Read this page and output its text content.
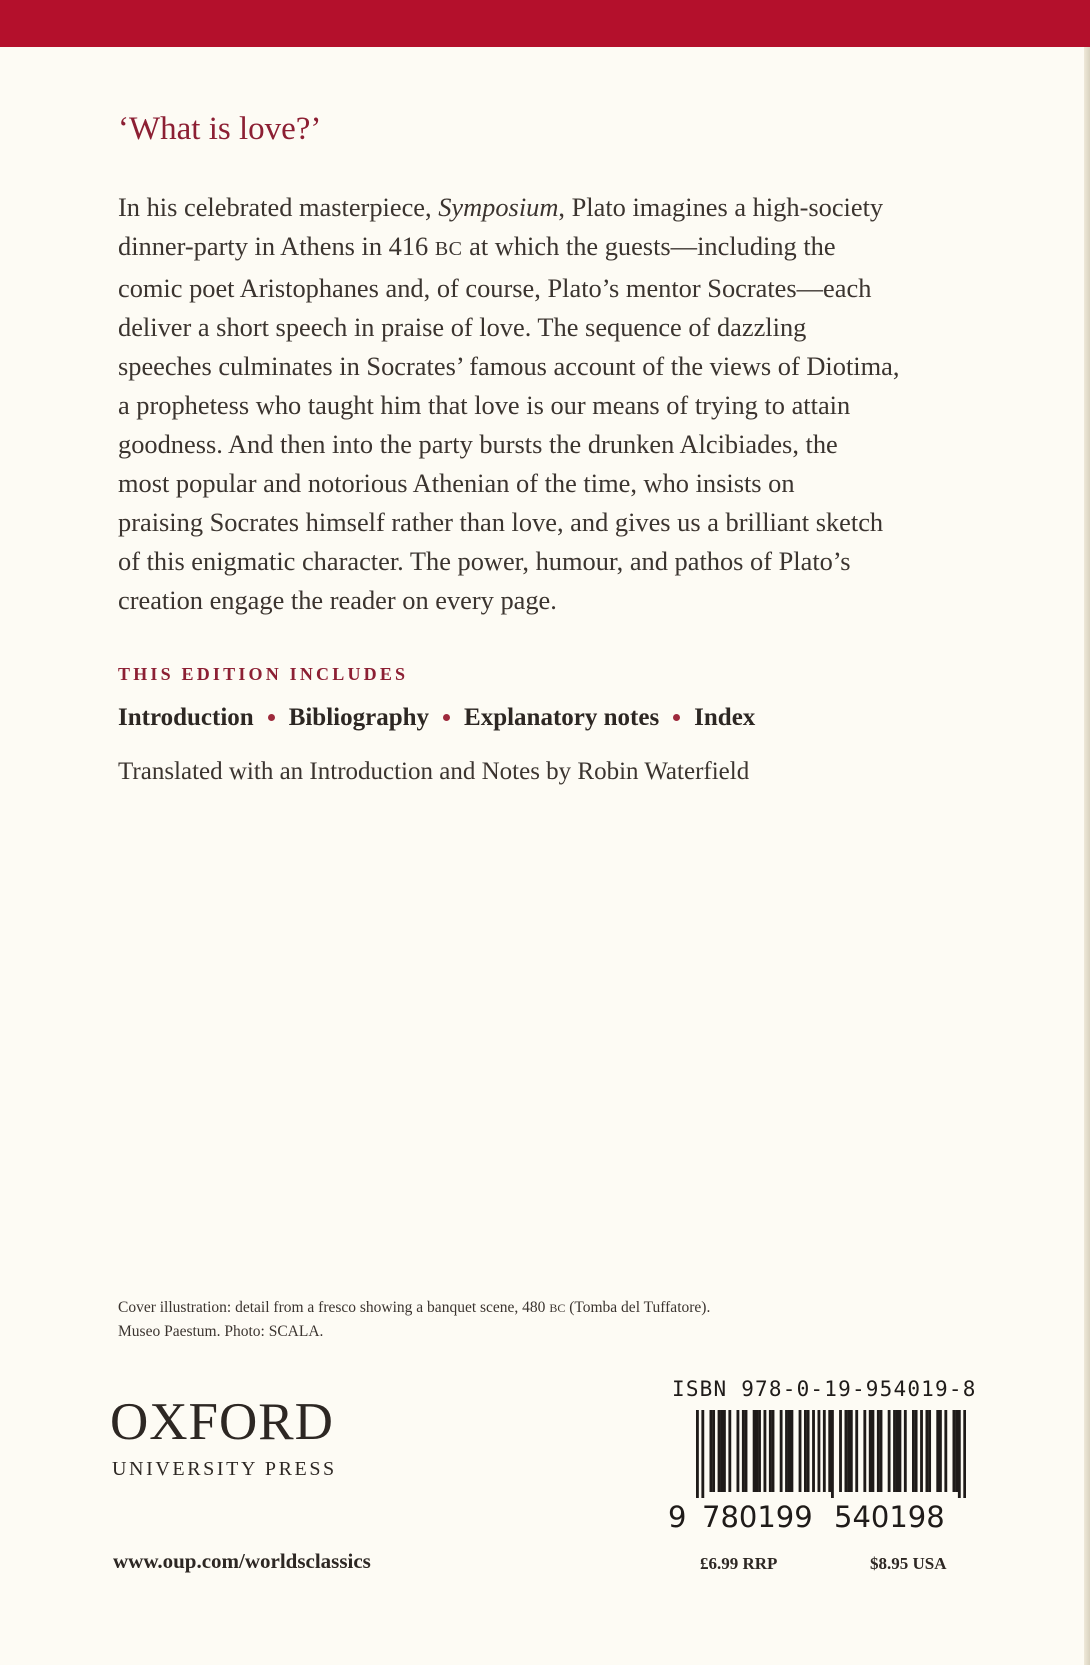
‘What is love?’

In his celebrated masterpiece, Symposium, Plato imagines a high-society
dinner-party in Athens in 416 BC at which the guests—including the
comic poet Aristophanes and, of course, Plato’s mentor Socrates—each
deliver a short speech in praise of love. The sequence of dazzling
speeches culminates in Socrates’ famous account of the views of Diotima,
a prophetess who taught him that love is our means of trying to attain
goodness. And then into the party bursts the drunken Alcibiades, the
most popular and notorious Athenian of the time, who insists on
praising Socrates himself rather than love, and gives us a brilliant sketch
of this enigmatic character. The power, humour, and pathos of Plato’s
creation engage the reader on every page.

THIS EDITION INCLUDES

Introduction Bibliography Explanatory notes Index

Translated with an Introduction and Notes by Robin Waterfield

Cover illustration: detail from a fresco showing a banquet scene, 480 BC (Tomba del Tuffatore).
Museo Paestum. Photo: SCALA.

OXFORD
UNIVERSITY PRESS

www.oup.com/worldsclassics

ISBN 978-0-19-954019-8

9 780199 540198

£6.99 RRP	$8.95 USA
